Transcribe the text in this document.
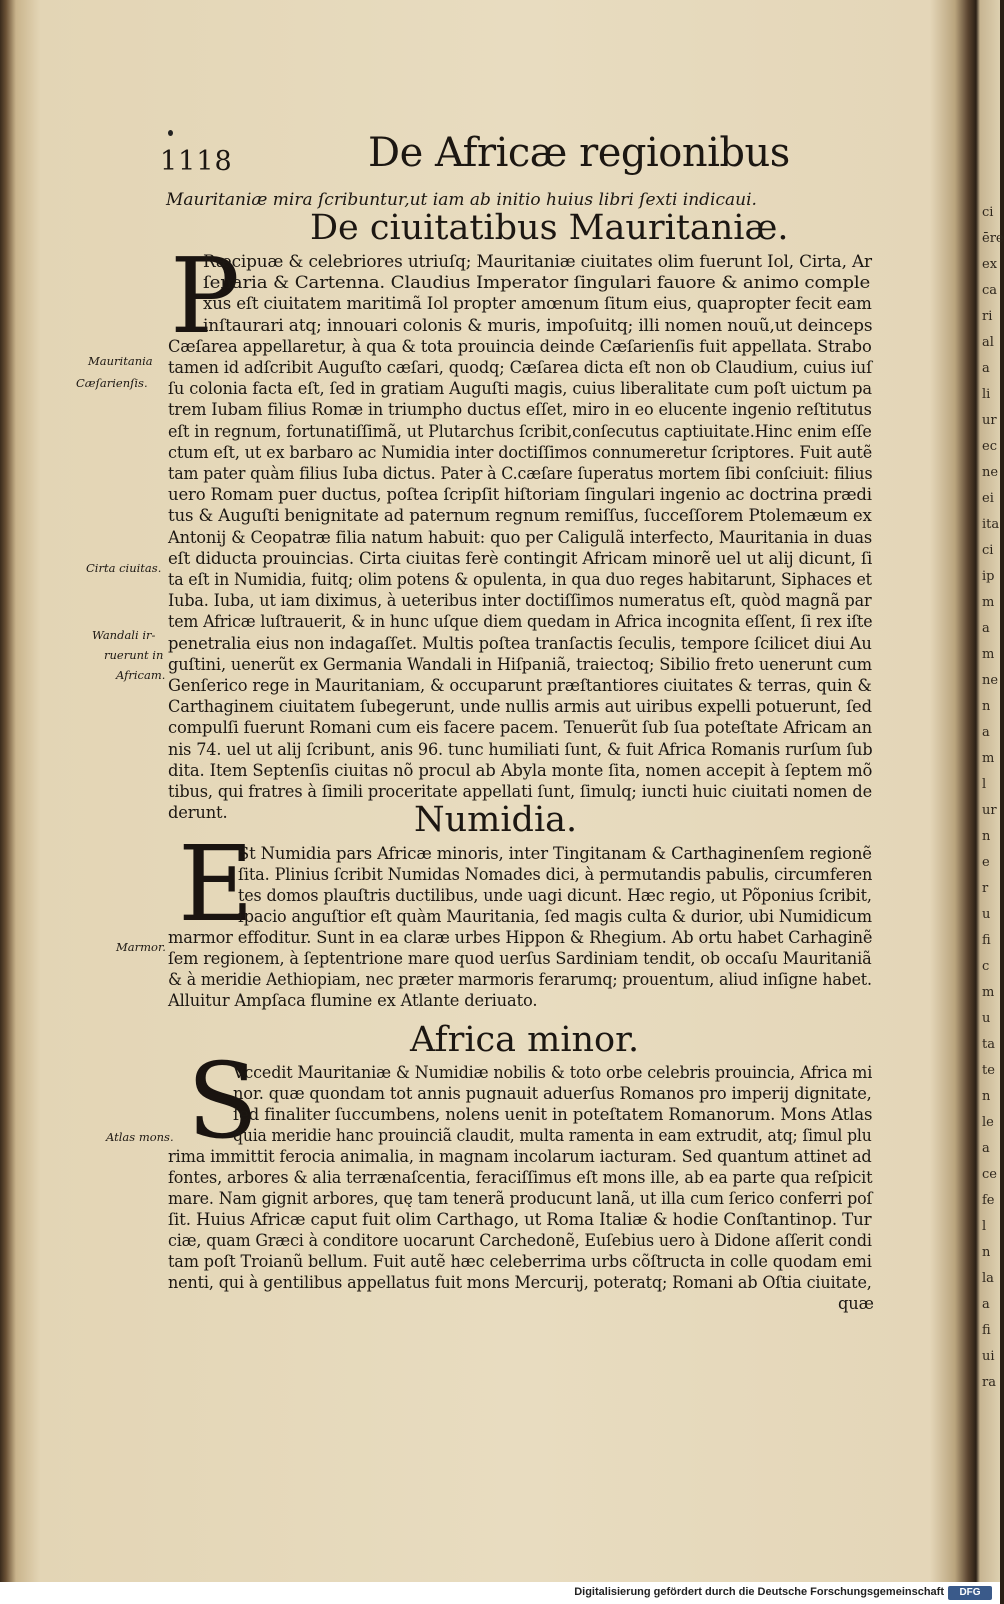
1118	De Africæ regionibus
Mauritaniæ mira ſcribuntur,ut iam ab initio huius libri ſexti indicaui.
De ciuitatibus Mauritaniæ.
P
Ræcipuæ & celebriores utriuſq; Mauritaniæ ciuitates olim fuerunt Iol, Cirta, Ar
ſenaria & Cartenna. Claudius Imperator ſingulari fauore & animo comple
xus eſt ciuitatem maritimã Iol propter amœnum ſitum eius, quapropter fecit eam
inſtaurari atq; innouari colonis & muris, impoſuitq; illi nomen nouũ,ut deinceps
Cæſarea appellaretur, à qua & tota prouincia deinde Cæſarienſis fuit appellata. Strabo
tamen id adſcribit Auguſto cæſari, quodq; Cæſarea dicta eſt non ob Claudium, cuius iuſ
ſu colonia facta eſt, ſed in gratiam Auguſti magis, cuius liberalitate cum poſt uictum pa
trem Iubam filius Romæ in triumpho ductus eſſet, miro in eo elucente ingenio reſtitutus
eſt in regnum, fortunatiſſimã, ut Plutarchus ſcribit,conſecutus captiuitate.Hinc enim eſſe
ctum eſt, ut ex barbaro ac Numidia inter doctiſſimos connumeretur ſcriptores. Fuit autẽ
tam pater quàm filius Iuba dictus. Pater à C.cæſare ſuperatus mortem ſibi conſciuit: filius
uero Romam puer ductus, poſtea ſcripſit hiſtoriam ſingulari ingenio ac doctrina prædi
tus & Auguſti benignitate ad paternum regnum remiſſus, ſucceſſorem Ptolemæum ex
Antonij & Ceopatræ filia natum habuit: quo per Caligulã interfecto, Mauritania in duas
eſt diducta prouincias. Cirta ciuitas ferè contingit Africam minorẽ uel ut alij dicunt, ſi
ta eſt in Numidia, fuitq; olim potens & opulenta, in qua duo reges habitarunt, Siphaces et
Iuba. Iuba, ut iam diximus, à ueteribus inter doctiſſimos numeratus eſt, quòd magnã par
tem Africæ luſtrauerit, & in hunc uſque diem quedam in Africa incognita eſſent, ſi rex iſte
penetralia eius non indagaſſet. Multis poſtea tranſactis ſeculis, tempore ſcilicet diui Au
guſtini, uenerũt ex Germania Wandali in Hiſpaniã, traiectoq; Sibilio freto uenerunt cum
Genſerico rege in Mauritaniam, & occuparunt præſtantiores ciuitates & terras, quin &
Carthaginem ciuitatem ſubegerunt, unde nullis armis aut uiribus expelli potuerunt, ſed
compulſi fuerunt Romani cum eis facere pacem. Tenuerũt ſub ſua poteſtate Africam an
nis 74. uel ut alij ſcribunt, anis 96. tunc humiliati ſunt, & fuit Africa Romanis rurſum ſub
dita. Item Septenſis ciuitas nõ procul ab Abyla monte ſita, nomen accepit à ſeptem mõ
tibus, qui fratres à ſimili proceritate appellati ſunt, ſimulq; iuncti huic ciuitati nomen de
derunt.	Numidia.
E
St Numidia pars Africæ minoris, inter Tingitanam & Carthaginenſem regionẽ
ſita. Plinius ſcribit Numidas Nomades dici, à permutandis pabulis, circumferen
tes domos plauſtris ductilibus, unde uagi dicunt. Hæc regio, ut Põponius ſcribit,
ſpacio anguſtior eſt quàm Mauritania, ſed magis culta & durior, ubi Numidicum
marmor effoditur. Sunt in ea claræ urbes Hippon & Rhegium. Ab ortu habet Carhaginẽ
ſem regionem, à ſeptentrione mare quod uerſus Sardiniam tendit, ob occaſu Mauritaniã
& à meridie Aethiopiam, nec præter marmoris ferarumq; prouentum, aliud inſigne habet.
Alluitur Ampſaca flumine ex Atlante deriuato.
Africa minor.
S
Vccedit Mauritaniæ & Numidiæ nobilis & toto orbe celebris prouincia, Africa mi
nor. quæ quondam tot annis pugnauit aduerſus Romanos pro imperij dignitate,
ſed finaliter ſuccumbens, nolens uenit in poteſtatem Romanorum. Mons Atlas
quia meridie hanc prouinciã claudit, multa ramenta in eam extrudit, atq; ſimul plu
rima immittit ferocia animalia, in magnam incolarum iacturam. Sed quantum attinet ad
fontes, arbores & alia terrænaſcentia, feraciſſimus eſt mons ille, ab ea parte qua reſpicit
mare. Nam gignit arbores, quę tam tenerã producunt lanã, ut illa cum ſerico conferri poſ
ſit. Huius Africæ caput fuit olim Carthago, ut Roma Italiæ & hodie Conſtantinop. Tur
ciæ, quam Græci à conditore uocarunt Carchedonẽ, Euſebius uero à Didone aſſerit condi
tam poſt Troianũ bellum. Fuit autẽ hæc celeberrima urbs cõſtructa in colle quodam emi
nenti, qui à gentilibus appellatus fuit mons Mercurij, poteratq; Romani ab Oſtia ciuitate,
quæ
Mauritania
Cæſarienſis.
Cirta ciuitas.
Wandali ir-
ruerunt in
Africam.
Marmor.
Atlas mons.
ci
ēre
ex
ca
ri
al
a
li
ur
ec
ne
ei
ita
ci
ip
m
a
m
ne
n
a
m
l
ur
n
e
r
u
fi
c
m
u
ta
te
n
le
a
ce
fe
l
n
la
a
fi
ui
ra
Digitalisierung gefördert durch die Deutsche Forschungsgemeinschaft	DFG
